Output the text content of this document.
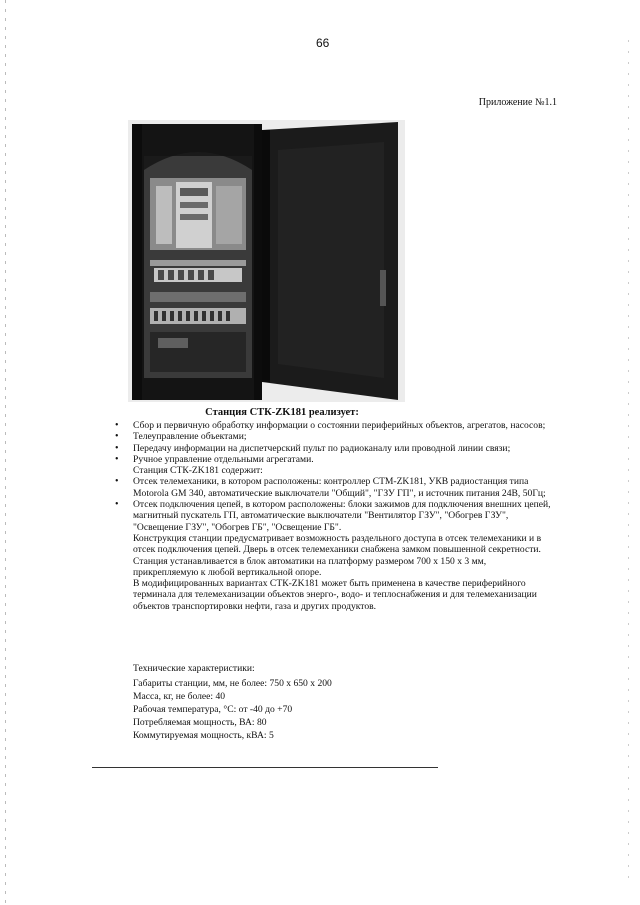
66
Приложение №1.1
Станция СТК-ZK181 реализует:
• Сбор и первичную обработку информации о состоянии периферийных объектов, агрегатов, насосов;
• Телеуправление объектами;
• Передачу информации на диспетчерский пульт по радиоканалу или проводной линии связи;
• Ручное управление отдельными агрегатами.
Станция СТК-ZK181 содержит:
• Отсек телемеханики, в котором расположены: контроллер СТМ-ZK181, УКВ радиостанция типа Motorola GM 340, автоматические выключатели "Общий", "ГЗУ ГП", и источник питания 24В, 50Гц;
• Отсек подключения цепей, в котором расположены: блоки зажимов для подключения внешних цепей, магнитный пускатель ГП, автоматические выключатели "Вентилятор ГЗУ", "Обогрев ГЗУ", "Освещение ГЗУ", "Обогрев ГБ", "Освещение ГБ".
Конструкция станции предусматривает возможность раздельного доступа в отсек телемеханики и в отсек подключения цепей. Дверь в отсек телемеханики снабжена замком повышенной секретности.
Станция устанавливается в блок автоматики на платформу размером 700 х 150 х 3 мм, прикрепляемую к любой вертикальной опоре.
В модифицированных вариантах СТК-ZK181 может быть применена в качестве периферийного терминала для телемеханизации объектов энерго-, водо- и теплоснабжения и для телемеханизации объектов транспортировки нефти, газа и других продуктов.
Технические характеристики:
Габариты станции, мм, не более: 750 х 650 х 200
Масса, кг, не более: 40
Рабочая температура, °С: от -40 до +70
Потребляемая мощность, ВА: 80
Коммутируемая мощность, кВА: 5
